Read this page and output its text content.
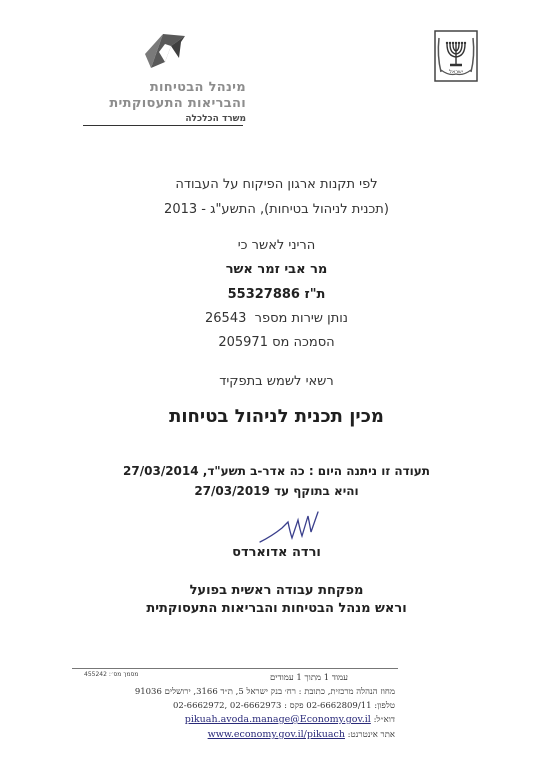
ישראל
מינהל הבטיחות
והבריאות התעסוקתית
משרד הכלכלה
לפי תקנות ארגון הפיקוח על העבודה
(תכנית לניהול בטיחות), התשע"ג - 2013
הריני לאשר כי
מר אבי זמר אשר
ת"ז 55327886
נותן שירות מספר  26543
הסמכה מס 205971
רשאי לשמש בתפקיד
מכין תכנית לניהול בטיחות
תעודה זו ניתנה היום : כה אדר-ב תשע"ד, 27/03/2014
והיא בתוקף עד 27/03/2019
ורדה אדוארדס
מפקחת עבודה ראשית בפועל
וראש מנהל הבטיחות והבריאות התעסוקתית
מסמך מס׳: 455242	עמוד 1 מתוך 1 עמודים
מחוז הנהלה מרכזית, כתובת : רח׳ בנק ישראל 5, ת״ד 3166, ירושלים 91036
טלפון: 02-6662809/11 פקס : 02-6662972, 02-6662973
דוא״ל: pikuah.avoda.manage@Economy.gov.il
אתר אינטרנט: www.economy.gov.il/pikuach
